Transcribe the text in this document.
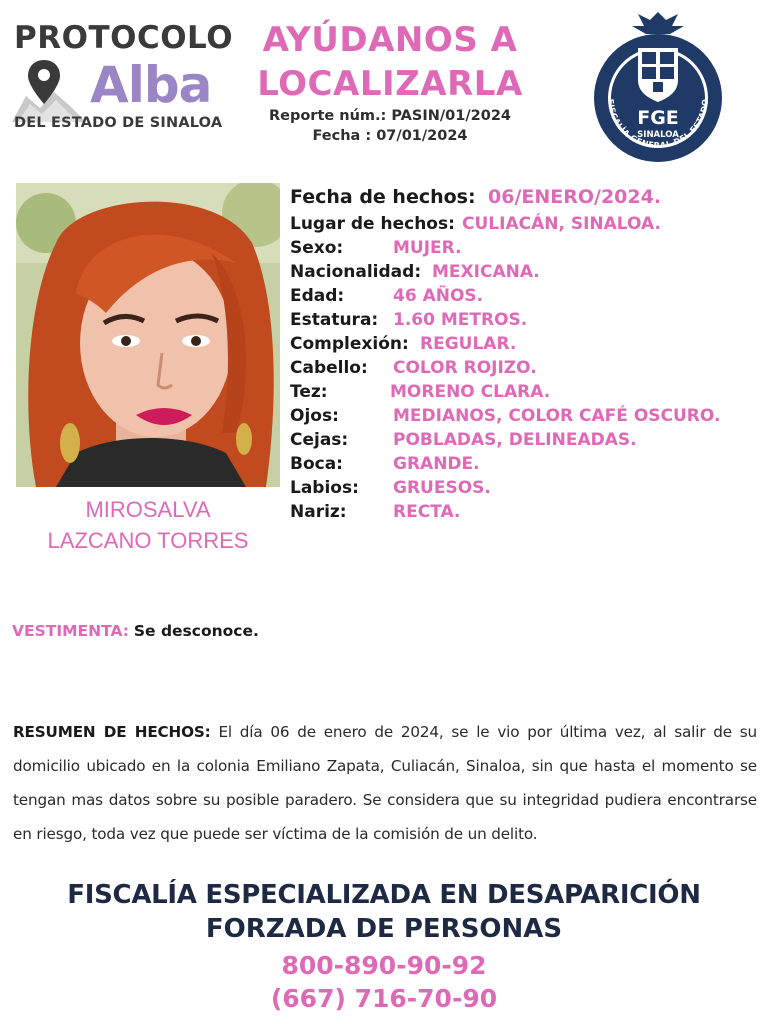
PROTOCOLO
Alba
DEL ESTADO DE SINALOA
AYÚDANOS A
LOCALIZARLA
Reporte núm.: PASIN/01/2024
Fecha : 07/01/2024
FGE
SINALOA
FISCALÍA GENERAL DEL ESTADO
MIROSALVA
LAZCANO TORRES
Fecha de hechos: 06/ENERO/2024.
Lugar de hechos: CULIACÁN, SINALOA.
Sexo:	MUJER.
Nacionalidad: MEXICANA.
Edad:	46 AÑOS.
Estatura: 1.60 METROS.
Complexión: REGULAR.
Cabello: COLOR ROJIZO.
Tez:	MORENO CLARA.
Ojos:	MEDIANOS, COLOR CAFÉ OSCURO.
Cejas:	POBLADAS, DELINEADAS.
Boca:	GRANDE.
Labios: GRUESOS.
Nariz:	RECTA.
VESTIMENTA: Se desconoce.
RESUMEN DE HECHOS: El día 06 de enero de 2024, se le vio por última vez, al salir de su domicilio ubicado en la colonia Emiliano Zapata, Culiacán, Sinaloa, sin que hasta el momento se tengan mas datos sobre su posible paradero. Se considera que su integridad pudiera encontrarse en riesgo, toda vez que puede ser víctima de la comisión de un delito.
FISCALÍA ESPECIALIZADA EN DESAPARICIÓN
FORZADA DE PERSONAS
800-890-90-92
(667) 716-70-90
